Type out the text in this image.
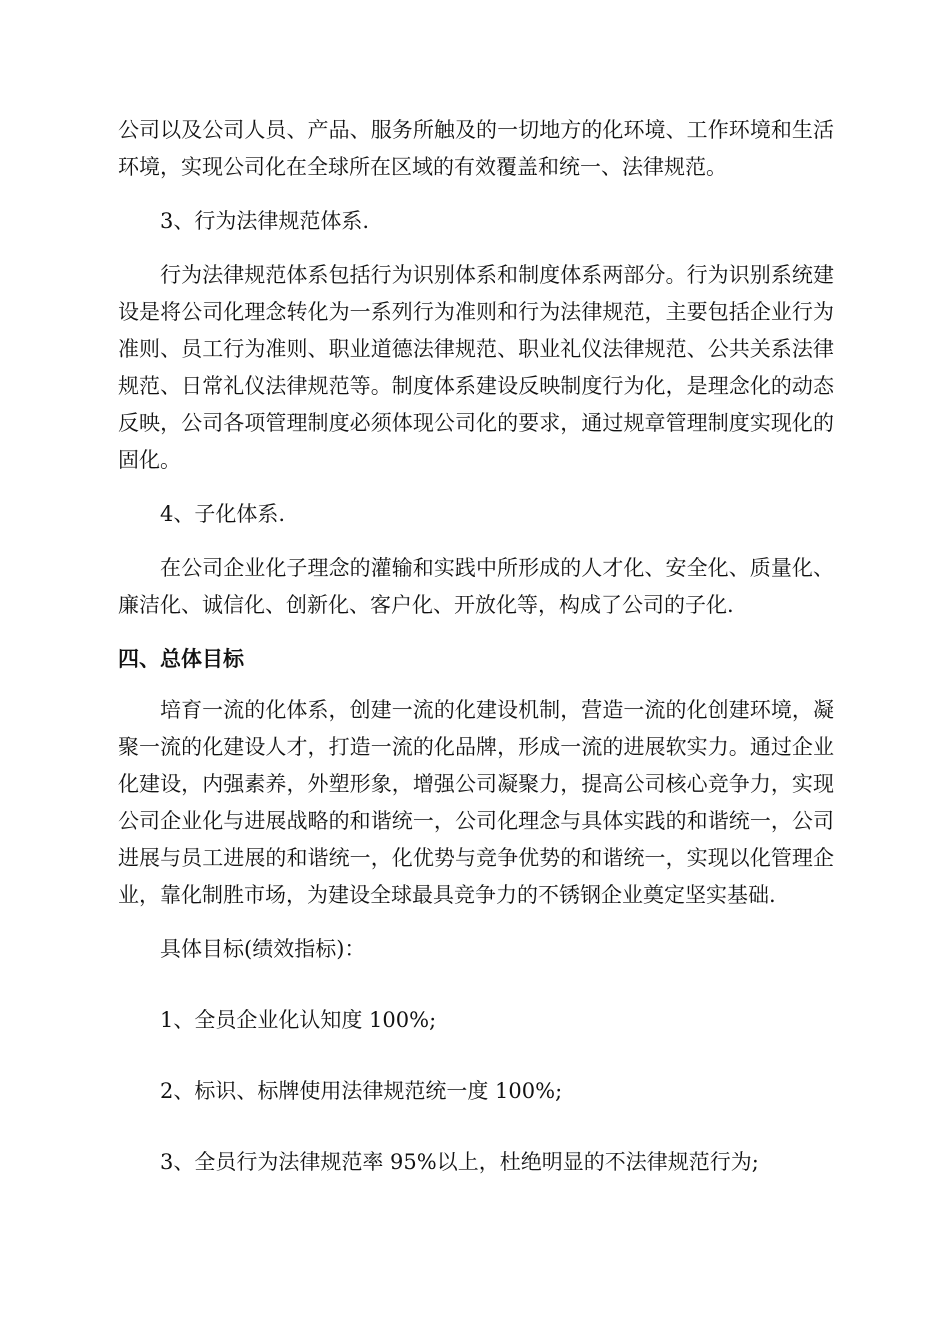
公司以及公司人员、产品、服务所触及的一切地方的化环境、工作环境和生活环境，实现公司化在全球所在区域的有效覆盖和统一、法律规范。

3、行为法律规范体系.

行为法律规范体系包括行为识别体系和制度体系两部分。行为识别系统建设是将公司化理念转化为一系列行为准则和行为法律规范，主要包括企业行为准则、员工行为准则、职业道德法律规范、职业礼仪法律规范、公共关系法律规范、日常礼仪法律规范等。制度体系建设反映制度行为化，是理念化的动态反映，公司各项管理制度必须体现公司化的要求，通过规章管理制度实现化的固化。

4、子化体系.

在公司企业化子理念的灌输和实践中所形成的人才化、安全化、质量化、廉洁化、诚信化、创新化、客户化、开放化等，构成了公司的子化.

四、总体目标

培育一流的化体系，创建一流的化建设机制，营造一流的化创建环境，凝聚一流的化建设人才，打造一流的化品牌，形成一流的进展软实力。通过企业化建设，内强素养，外塑形象，增强公司凝聚力，提高公司核心竞争力，实现公司企业化与进展战略的和谐统一，公司化理念与具体实践的和谐统一，公司进展与员工进展的和谐统一，化优势与竞争优势的和谐统一，实现以化管理企业，靠化制胜市场，为建设全球最具竞争力的不锈钢企业奠定坚实基础.

具体目标(绩效指标)：

1、全员企业化认知度 100%;

2、标识、标牌使用法律规范统一度 100%;

3、全员行为法律规范率 95%以上，杜绝明显的不法律规范行为;
